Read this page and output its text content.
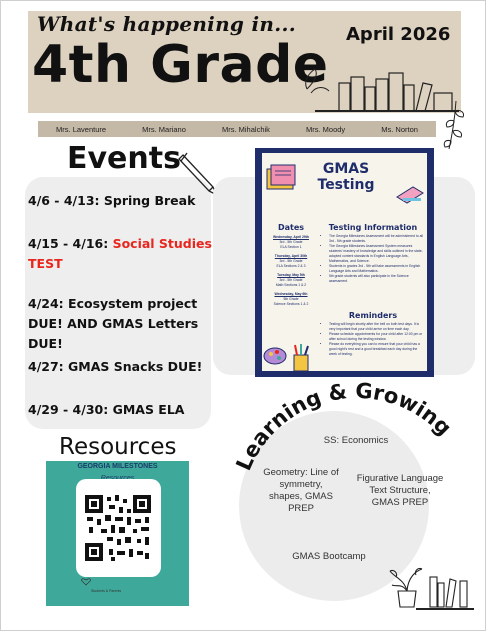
What's happening in...
4th Grade
April 2026
Mrs. Laventure	Mrs. Mariano	Mrs. Mihalchik	Mrs. Moody	Ms. Norton
Events
4/6 - 4/13: Spring Break
4/15 - 4/16: Social Studies TEST
4/24: Ecosystem project DUE! AND GMAS Letters DUE!
4/27: GMAS Snacks DUE!
4/29 - 4/30: GMAS ELA
GMAS Testing
Dates
Wednesday, April 29th
3rd - 5th Grade
ELA Section 1
Thursday, April 30th
3rd - 5th Grade
ELA Sections 2 & 3
Tuesday, May 5th
3rd - 5th Grade
Math Sections 1 & 2
Wednesday, May 6th
5th Grade
Science Sections 1 & 2
Testing Information
• The Georgia Milestones Assessment will be administered to all 3rd - 5th grade students.
• The Georgia Milestones Assessment System measures students' mastery of knowledge and skills outlined in the state-adopted content standards in English Language Arts, Mathematics, and Science.
• Students in grades 3rd - 5th will take assessments in English Language Arts and Mathematics.
• 5th grade students will also participate in the Science assessment.
Reminders
• Testing will begin shortly after the bell on both test days. It is very important that your child arrive on time each day.
• Please schedule appointments for your child after 12:00 pm or after school during the testing window.
• Please do everything you can to ensure that your child has a good night's rest and a good breakfast each day during the week of testing.
Resources
GEORGIA MILESTONES
Students & Parents
Learning & Growing
SS: Economics
Geometry: Line of symmetry, shapes, GMAS PREP
Figurative Language Text Structure, GMAS PREP
GMAS Bootcamp
